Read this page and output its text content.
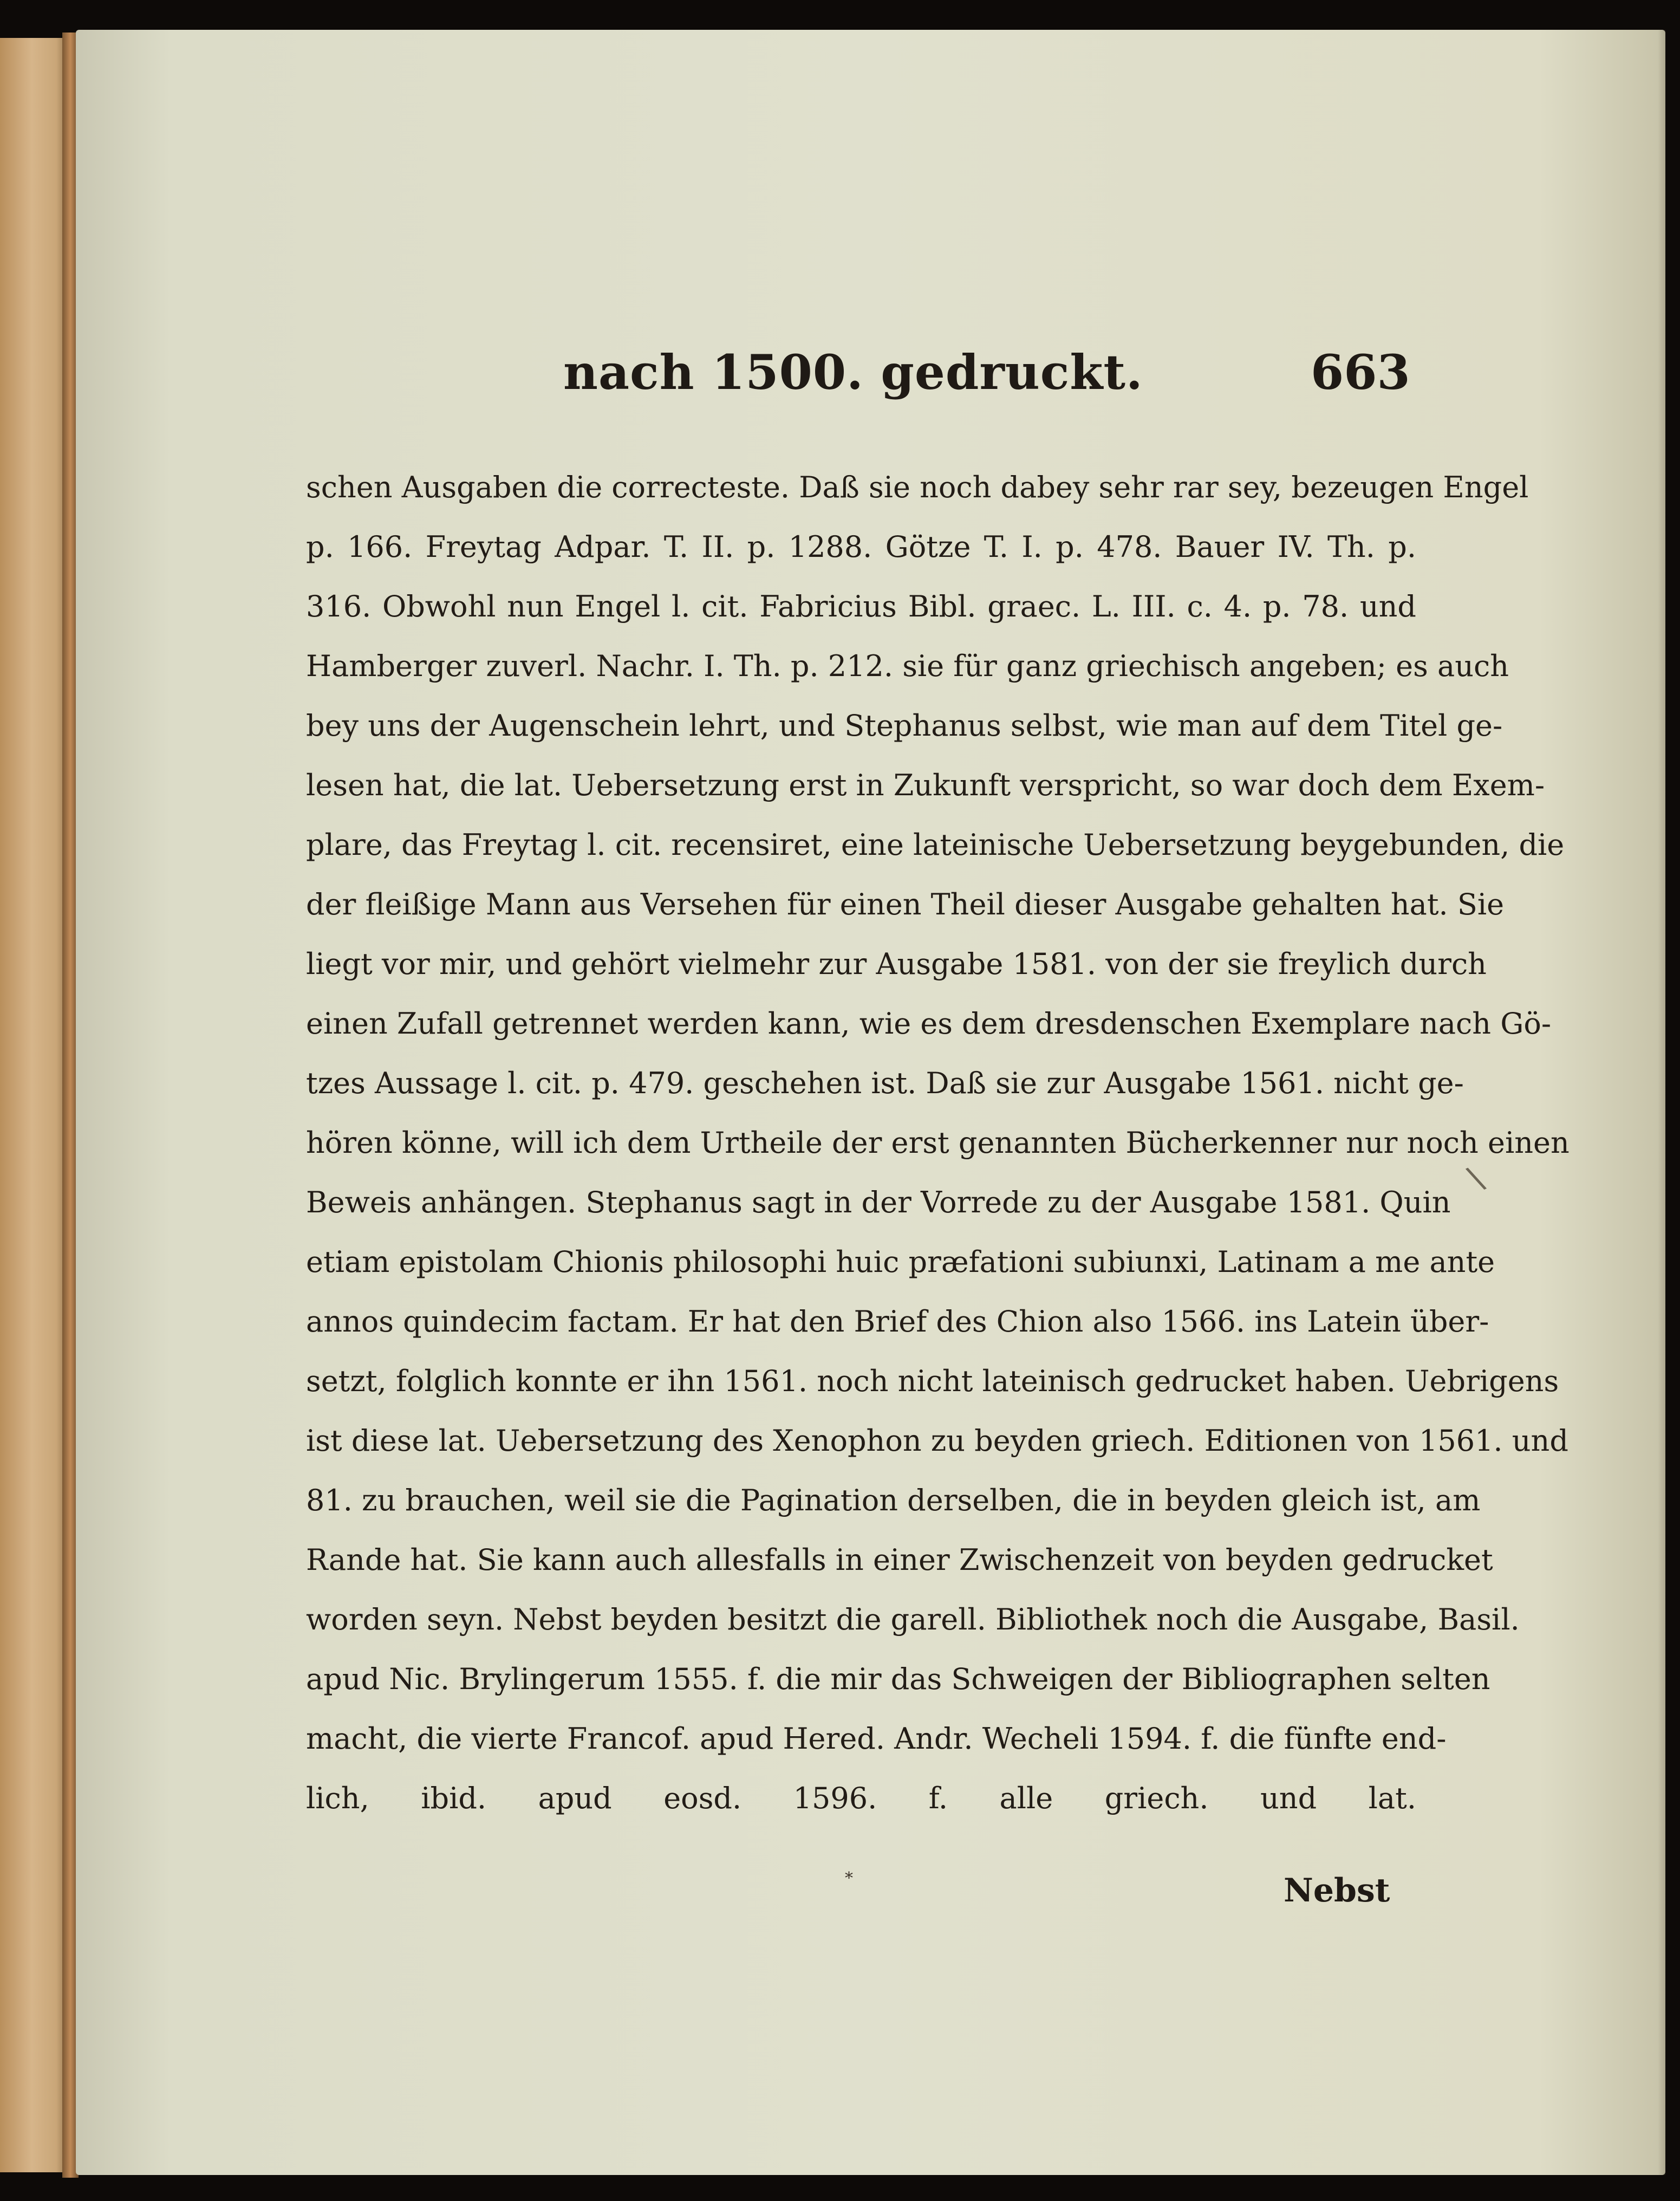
nach 1500. gedruckt.	663
schen Ausgaben die correcteste. Daß sie noch dabey sehr rar sey, bezeugen Engel
p. 166. Freytag Adpar. T. II. p. 1288. Götze T. I. p. 478. Bauer IV. Th. p.
316. Obwohl nun Engel l. cit. Fabricius Bibl. graec. L. III. c. 4. p. 78. und
Hamberger zuverl. Nachr. I. Th. p. 212. sie für ganz griechisch angeben; es auch
bey uns der Augenschein lehrt, und Stephanus selbst, wie man auf dem Titel ge-
lesen hat, die lat. Uebersetzung erst in Zukunft verspricht, so war doch dem Exem-
plare, das Freytag l. cit. recensiret, eine lateinische Uebersetzung beygebunden, die
der fleißige Mann aus Versehen für einen Theil dieser Ausgabe gehalten hat. Sie
liegt vor mir, und gehört vielmehr zur Ausgabe 1581. von der sie freylich durch
einen Zufall getrennet werden kann, wie es dem dresdenschen Exemplare nach Gö-
tzes Aussage l. cit. p. 479. geschehen ist. Daß sie zur Ausgabe 1561. nicht ge-
hören könne, will ich dem Urtheile der erst genannten Bücherkenner nur noch einen
Beweis anhängen. Stephanus sagt in der Vorrede zu der Ausgabe 1581. Quin
etiam epistolam Chionis philosophi huic præfationi subiunxi, Latinam a me ante
annos quindecim factam. Er hat den Brief des Chion also 1566. ins Latein über-
setzt, folglich konnte er ihn 1561. noch nicht lateinisch gedrucket haben. Uebrigens
ist diese lat. Uebersetzung des Xenophon zu beyden griech. Editionen von 1561. und
81. zu brauchen, weil sie die Pagination derselben, die in beyden gleich ist, am
Rande hat. Sie kann auch allesfalls in einer Zwischenzeit von beyden gedrucket
worden seyn. Nebst beyden besitzt die garell. Bibliothek noch die Ausgabe, Basil.
apud Nic. Brylingerum 1555. f. die mir das Schweigen der Bibliographen selten
macht, die vierte Francof. apud Hered. Andr. Wecheli 1594. f. die fünfte end-
lich, ibid. apud eosd. 1596. f. alle griech. und lat.
*
\
Nebst
